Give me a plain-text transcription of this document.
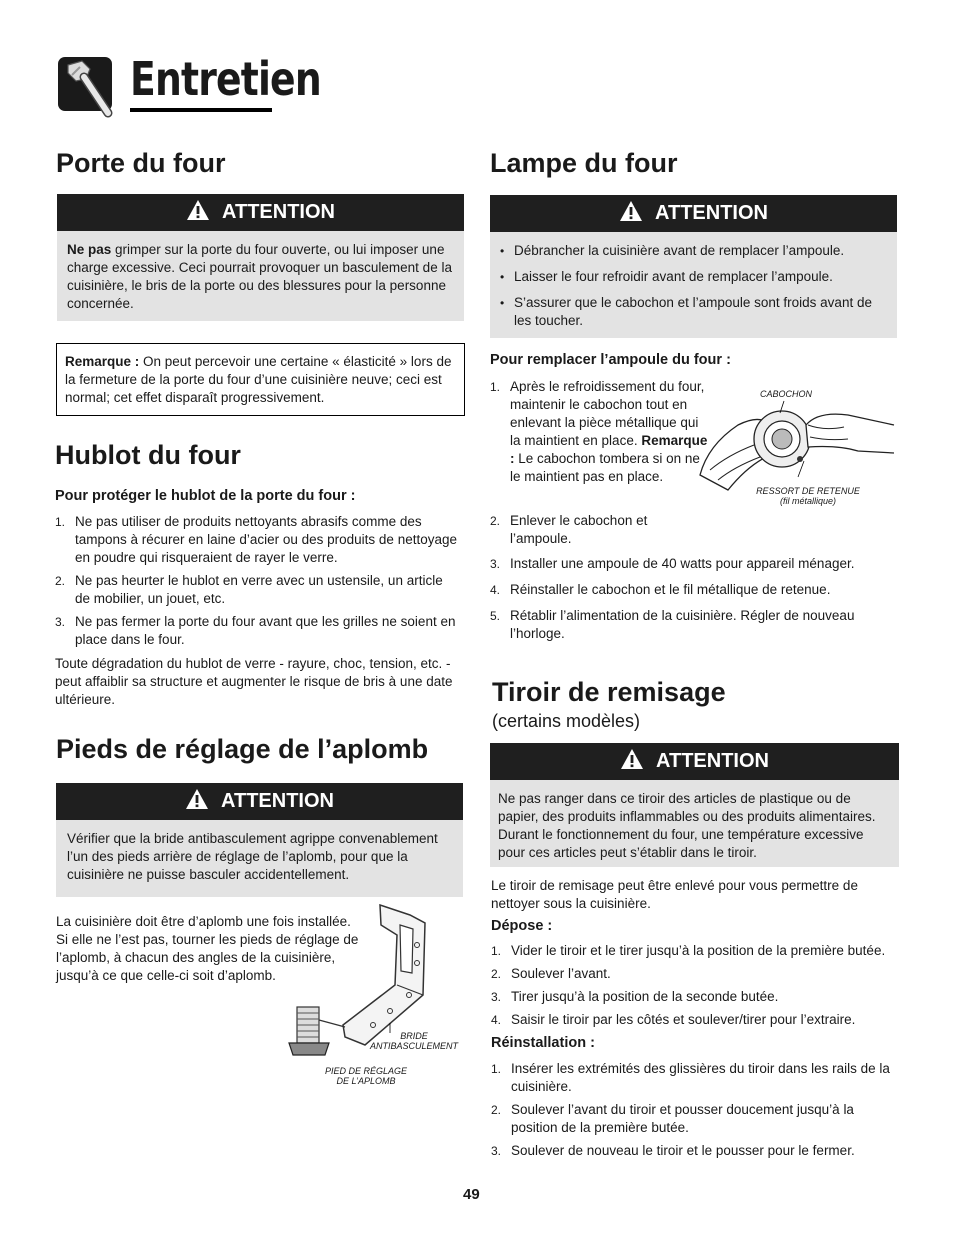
Entretien
Porte du four
ATTENTION
Ne pas grimper sur la porte du four ouverte, ou lui imposer une charge excessive. Ceci pourrait provoquer un basculement de la cuisinière, le bris de la porte ou des blessures pour la personne concernée.
Remarque : On peut percevoir une certaine « élasticité » lors de la fermeture de la porte du four d’une cuisinière neuve; ceci est normal; cet effet disparaît progressivement.
Hublot du four
Pour protéger le hublot de la porte du four :
1. Ne pas utiliser de produits nettoyants abrasifs comme des tampons à récurer en laine d’acier ou des produits de nettoyage en poudre qui risqueraient de rayer le verre.
2. Ne pas heurter le hublot en verre avec un ustensile, un article de mobilier, un jouet, etc.
3. Ne pas fermer la porte du four avant que les grilles ne soient en place dans le four.
Toute dégradation du hublot de verre - rayure, choc, tension, etc. - peut affaiblir sa structure et augmenter le risque de bris à une date ultérieure.
Pieds de réglage de l’aplomb
ATTENTION
Vérifier que la bride antibasculement agrippe convenablement l’un des pieds arrière de réglage de l’aplomb, pour que la cuisinière ne puisse basculer accidentellement.
La cuisinière doit être d’aplomb une fois installée. Si elle ne l’est pas, tourner les pieds de réglage de l’aplomb, à chacun des angles de la cuisinière, jusqu’à ce que celle-ci soit d’aplomb.
BRIDE
ANTIBASCULEMENT
PIED DE RÉGLAGE
DE L’APLOMB
Lampe du four
ATTENTION
• Débrancher la cuisinière avant de remplacer l’ampoule.
• Laisser le four refroidir avant de remplacer l’ampoule.
• S’assurer que le cabochon et l’ampoule sont froids avant de les toucher.
Pour remplacer l’ampoule du four :
1. Après le refroidissement du four, maintenir le cabochon tout en enlevant la pièce métallique qui la maintient en place. Remarque : Le cabochon tombera si on ne le maintient pas en place.
2. Enlever le cabochon et l’ampoule.
3. Installer une ampoule de 40 watts pour appareil ménager.
4. Réinstaller le cabochon et le fil métallique de retenue.
5. Rétablir l’alimentation de la cuisinière. Régler de nouveau l’horloge.
CABOCHON
RESSORT DE RETENUE
(fil métallique)
Tiroir de remisage
(certains modèles)
ATTENTION
Ne pas ranger dans ce tiroir des articles de plastique ou de papier, des produits inflammables ou des produits alimentaires. Durant le fonctionnement du four, une température excessive pour ces articles peut s’établir dans le tiroir.
Le tiroir de remisage peut être enlevé pour vous permettre de nettoyer sous la cuisinière.
Dépose :
1. Vider le tiroir et le tirer jusqu’à la position de la première butée.
2. Soulever l’avant.
3. Tirer jusqu’à la position de la seconde butée.
4. Saisir le tiroir par les côtés et soulever/tirer pour l’extraire.
Réinstallation :
1. Insérer les extrémités des glissières du tiroir dans les rails de la cuisinière.
2. Soulever l’avant du tiroir et pousser doucement jusqu’à la position de la première butée.
3. Soulever de nouveau le tiroir et le pousser pour le fermer.
49
